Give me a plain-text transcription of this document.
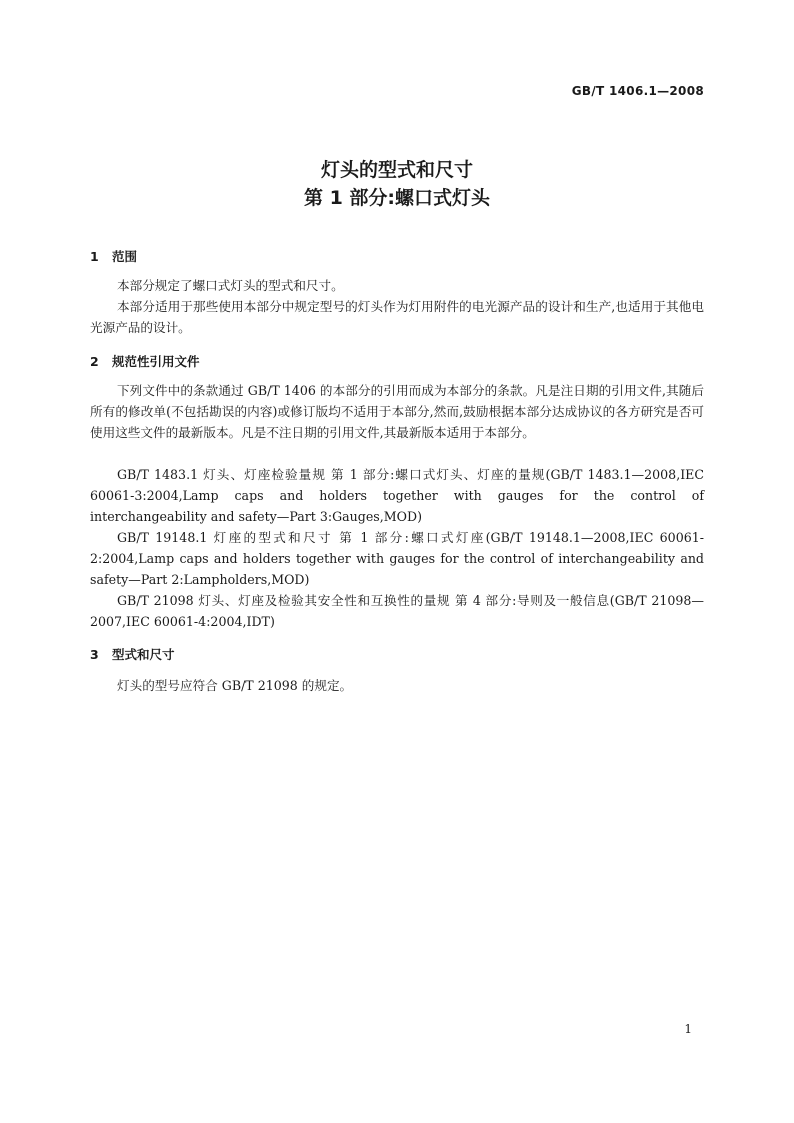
GB/T 1406.1—2008
灯头的型式和尺寸
第 1 部分:螺口式灯头
1 范围
本部分规定了螺口式灯头的型式和尺寸。
本部分适用于那些使用本部分中规定型号的灯头作为灯用附件的电光源产品的设计和生产,也适用于其他电光源产品的设计。
2 规范性引用文件
下列文件中的条款通过 GB/T 1406 的本部分的引用而成为本部分的条款。凡是注日期的引用文件,其随后所有的修改单(不包括勘误的内容)或修订版均不适用于本部分,然而,鼓励根据本部分达成协议的各方研究是否可使用这些文件的最新版本。凡是不注日期的引用文件,其最新版本适用于本部分。
GB/T 1483.1 灯头、灯座检验量规 第 1 部分:螺口式灯头、灯座的量规(GB/T 1483.1—2008,IEC 60061-3:2004,Lamp caps and holders together with gauges for the control of interchangeability and safety—Part 3:Gauges,MOD)
GB/T 19148.1 灯座的型式和尺寸 第 1 部分:螺口式灯座(GB/T 19148.1—2008,IEC 60061-2:2004,Lamp caps and holders together with gauges for the control of interchangeability and safety—Part 2:Lampholders,MOD)
GB/T 21098 灯头、灯座及检验其安全性和互换性的量规 第 4 部分:导则及一般信息(GB/T 21098—2007,IEC 60061-4:2004,IDT)
3 型式和尺寸
灯头的型号应符合 GB/T 21098 的规定。
1
